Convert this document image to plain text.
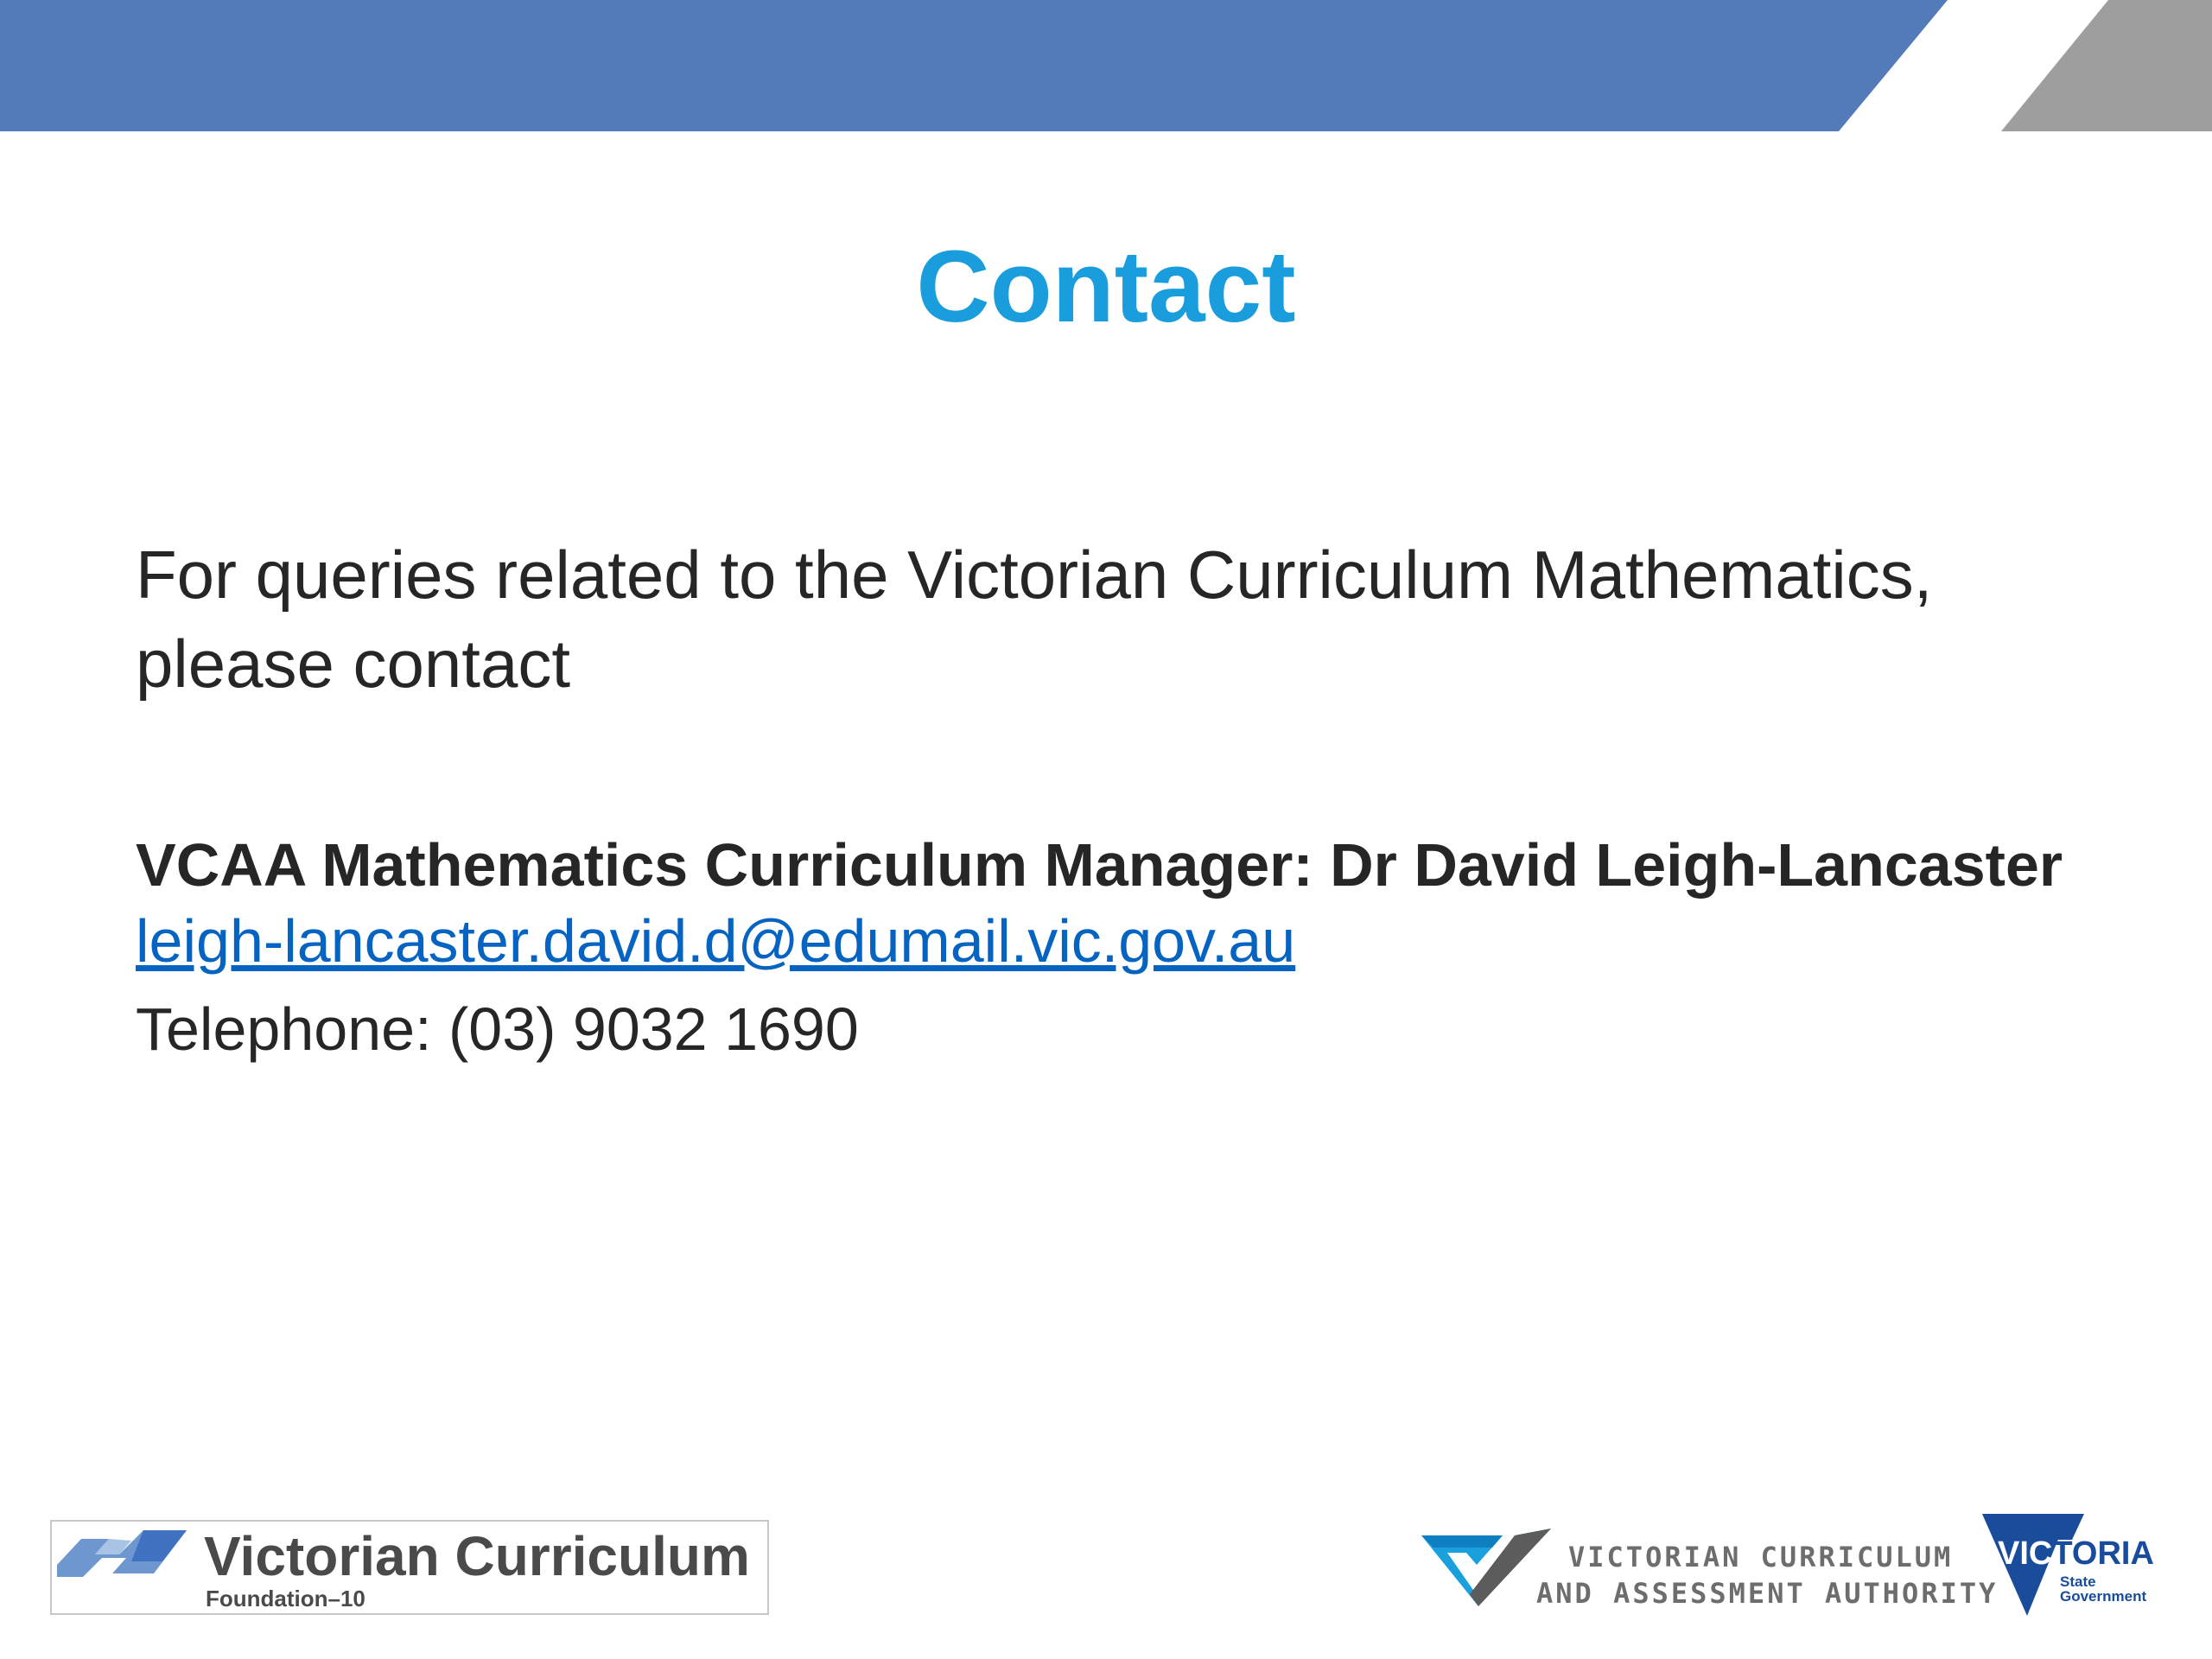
Contact

For queries related to the Victorian Curriculum Mathematics, please contact

VCAA Mathematics Curriculum Manager: Dr David Leigh-Lancaster

leigh-lancaster.david.d@edumail.vic.gov.au

Telephone: (03) 9032 1690

Victorian Curriculum
Foundation–10
VICTORIAN CURRICULUM
AND ASSESSMENT AUTHORITY
VICTORIA
State
Government
